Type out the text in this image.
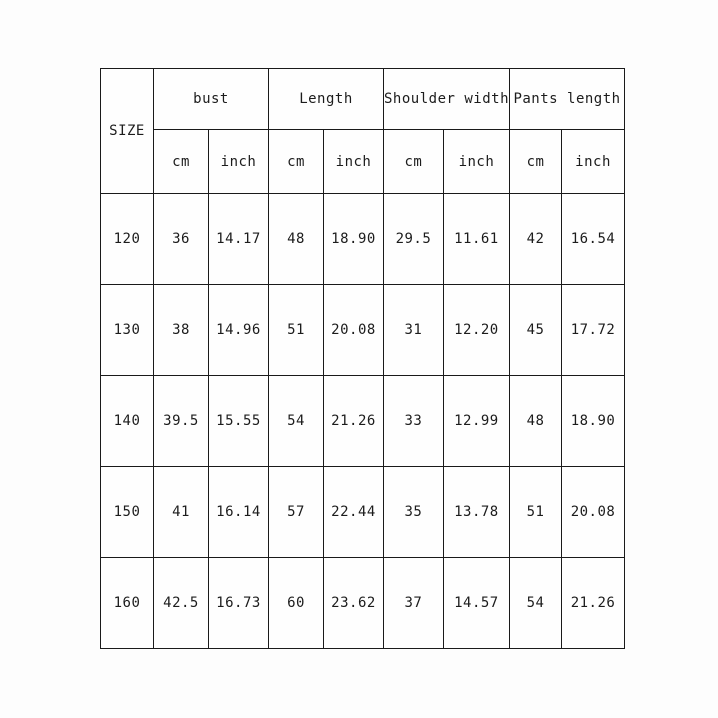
SIZE	bust		Length		Shoulder width		Pants length	
	cm	inch	cm	inch	cm	inch	cm	inch
120	36	14.17	48	18.90	29.5	11.61	42	16.54
130	38	14.96	51	20.08	31	12.20	45	17.72
140	39.5	15.55	54	21.26	33	12.99	48	18.90
150	41	16.14	57	22.44	35	13.78	51	20.08
160	42.5	16.73	60	23.62	37	14.57	54	21.26
